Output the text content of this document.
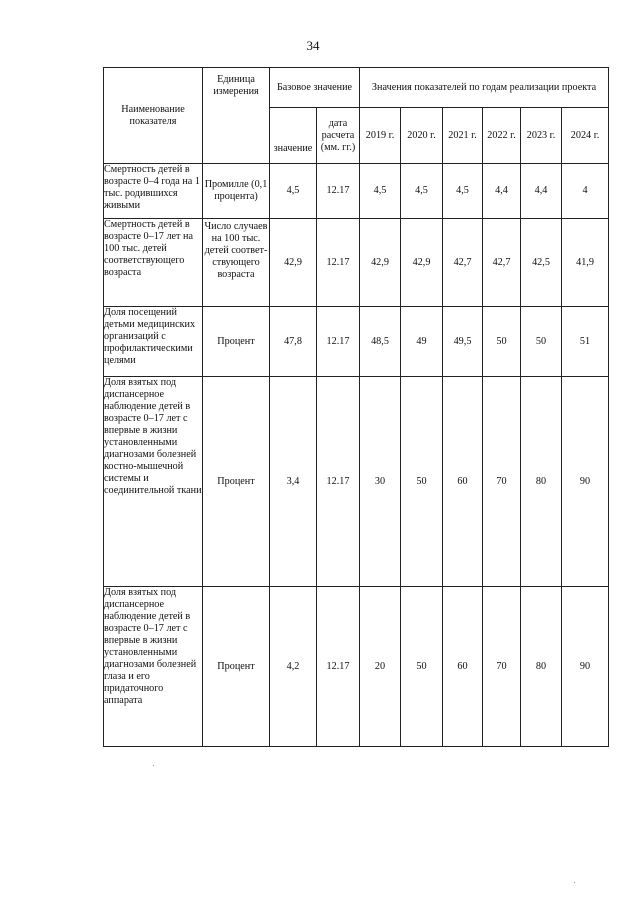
34
Наименование показателя	Единица измерения	Базовое значение		Значения показателей по годам реализации проекта					
		значение	дата расчета (мм. гг.)	2019 г.	2020 г.	2021 г.	2022 г.	2023 г.	2024 г.
Смертность детей в возрасте 0–4 года на 1 тыс. родившихся живыми	Промилле (0,1 процента)	4,5	12.17	4,5	4,5	4,5	4,4	4,4	4
Смертность детей в возрасте 0–17 лет на 100 тыс. детей соответствующего возраста	Число случаев на 100 тыс. детей соответ-ствующего возраста	42,9	12.17	42,9	42,9	42,7	42,7	42,5	41,9
Доля посещений детьми медицинских организаций с профилактическими целями	Процент	47,8	12.17	48,5	49	49,5	50	50	51
Доля взятых под диспансерное наблюдение детей в возрасте 0–17 лет с впервые в жизни установленными диагнозами болезней костно-мышечной системы и соединительной ткани	Процент	3,4	12.17	30	50	60	70	80	90
Доля взятых под диспансерное наблюдение детей в возрасте 0–17 лет с впервые в жизни установленными диагнозами болезней глаза и его придаточного аппарата	Процент	4,2	12.17	20	50	60	70	80	90
